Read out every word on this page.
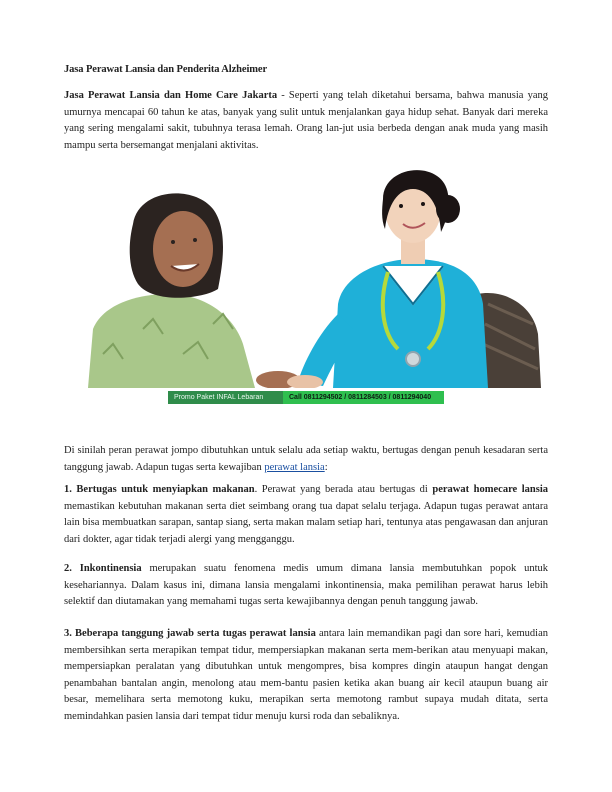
Jasa Perawat Lansia dan Penderita Alzheimer

Jasa Perawat Lansia dan Home Care Jakarta - Seperti yang telah diketahui bersama, bahwa manusia yang umurnya mencapai 60 tahun ke atas, banyak yang sulit untuk menjalankan gaya hidup sehat. Banyak dari mereka yang sering mengalami sakit, tubuhnya terasa lemah. Orang lan-jut usia berbeda dengan anak muda yang masih mampu serta bersemangat menjalani aktivitas.

Di sinilah peran perawat jompo dibutuhkan untuk selalu ada setiap waktu, bertugas dengan penuh kesadaran serta tanggung jawab. Adapun tugas serta kewajiban perawat lansia:

1. Bertugas untuk menyiapkan makanan. Perawat yang berada atau bertugas di perawat homecare lansia memastikan kebutuhan makanan serta diet seimbang orang tua dapat selalu terjaga. Adapun tugas perawat antara lain bisa membuatkan sarapan, santap siang, serta makan malam setiap hari, tentunya atas pengawasan dan anjuran dari dokter, agar tidak terjadi alergi yang mengganggu.

2. Inkontinensia merupakan suatu fenomena medis umum dimana lansia membutuhkan popok untuk kesehariannya. Dalam kasus ini, dimana lansia mengalami inkontinensia, maka pemilihan perawat harus lebih selektif dan diutamakan yang memahami tugas serta kewajibannya dengan penuh tanggung jawab.

3. Beberapa tanggung jawab serta tugas perawat lansia antara lain memandikan pagi dan sore hari, kemudian membersihkan serta merapikan tempat tidur, mempersiapkan makanan serta mem-berikan atau menyuapi makan, mempersiapkan peralatan yang dibutuhkan untuk mengompres, bisa kompres dingin ataupun hangat dengan penambahan bantalan angin, menolong atau mem-bantu pasien ketika akan buang air kecil ataupun buang air besar, memelihara serta memotong kuku, merapikan serta memotong rambut supaya mudah ditata, serta memindahkan pasien lansia dari tempat tidur menuju kursi roda dan sebaliknya.

Promo Paket INFAL Lebaran	Call 0811294502 / 0811284503 / 0811294040
